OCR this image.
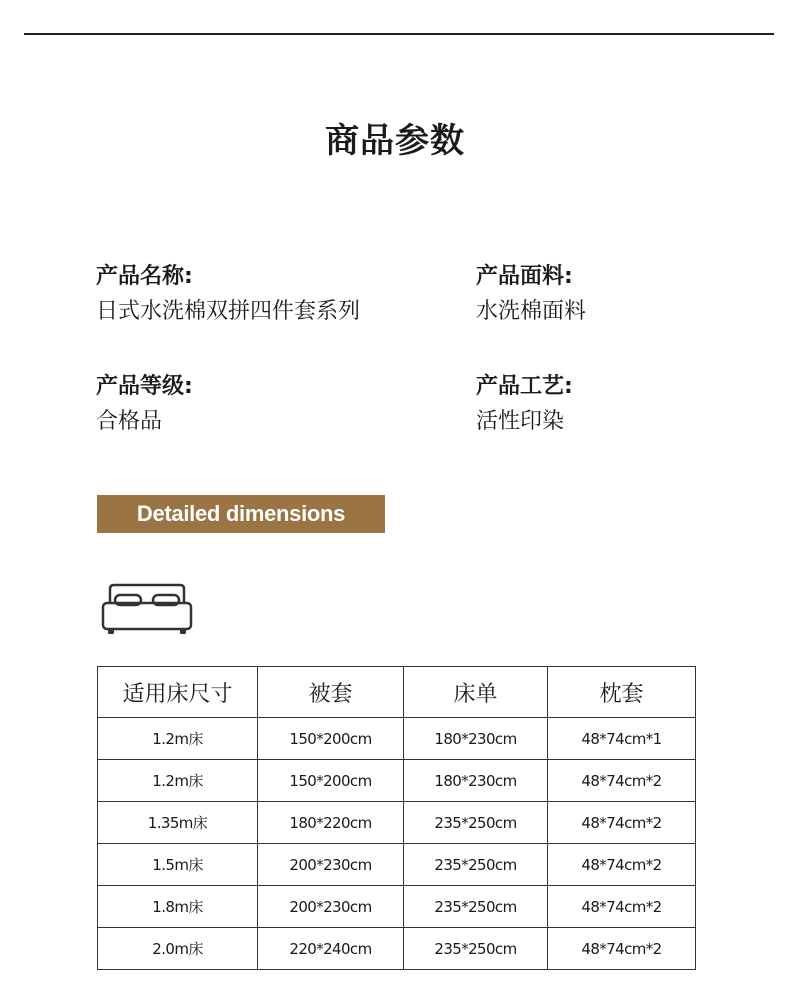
商品参数
产品名称:
日式水洗棉双拼四件套系列
产品面料:
水洗棉面料
产品等级:
合格品
产品工艺:
活性印染
Detailed dimensions
适用床尺寸	被套	床单	枕套
1.2m床	150*200cm	180*230cm	48*74cm*1
1.2m床	150*200cm	180*230cm	48*74cm*2
1.35m床	180*220cm	235*250cm	48*74cm*2
1.5m床	200*230cm	235*250cm	48*74cm*2
1.8m床	200*230cm	235*250cm	48*74cm*2
2.0m床	220*240cm	235*250cm	48*74cm*2
